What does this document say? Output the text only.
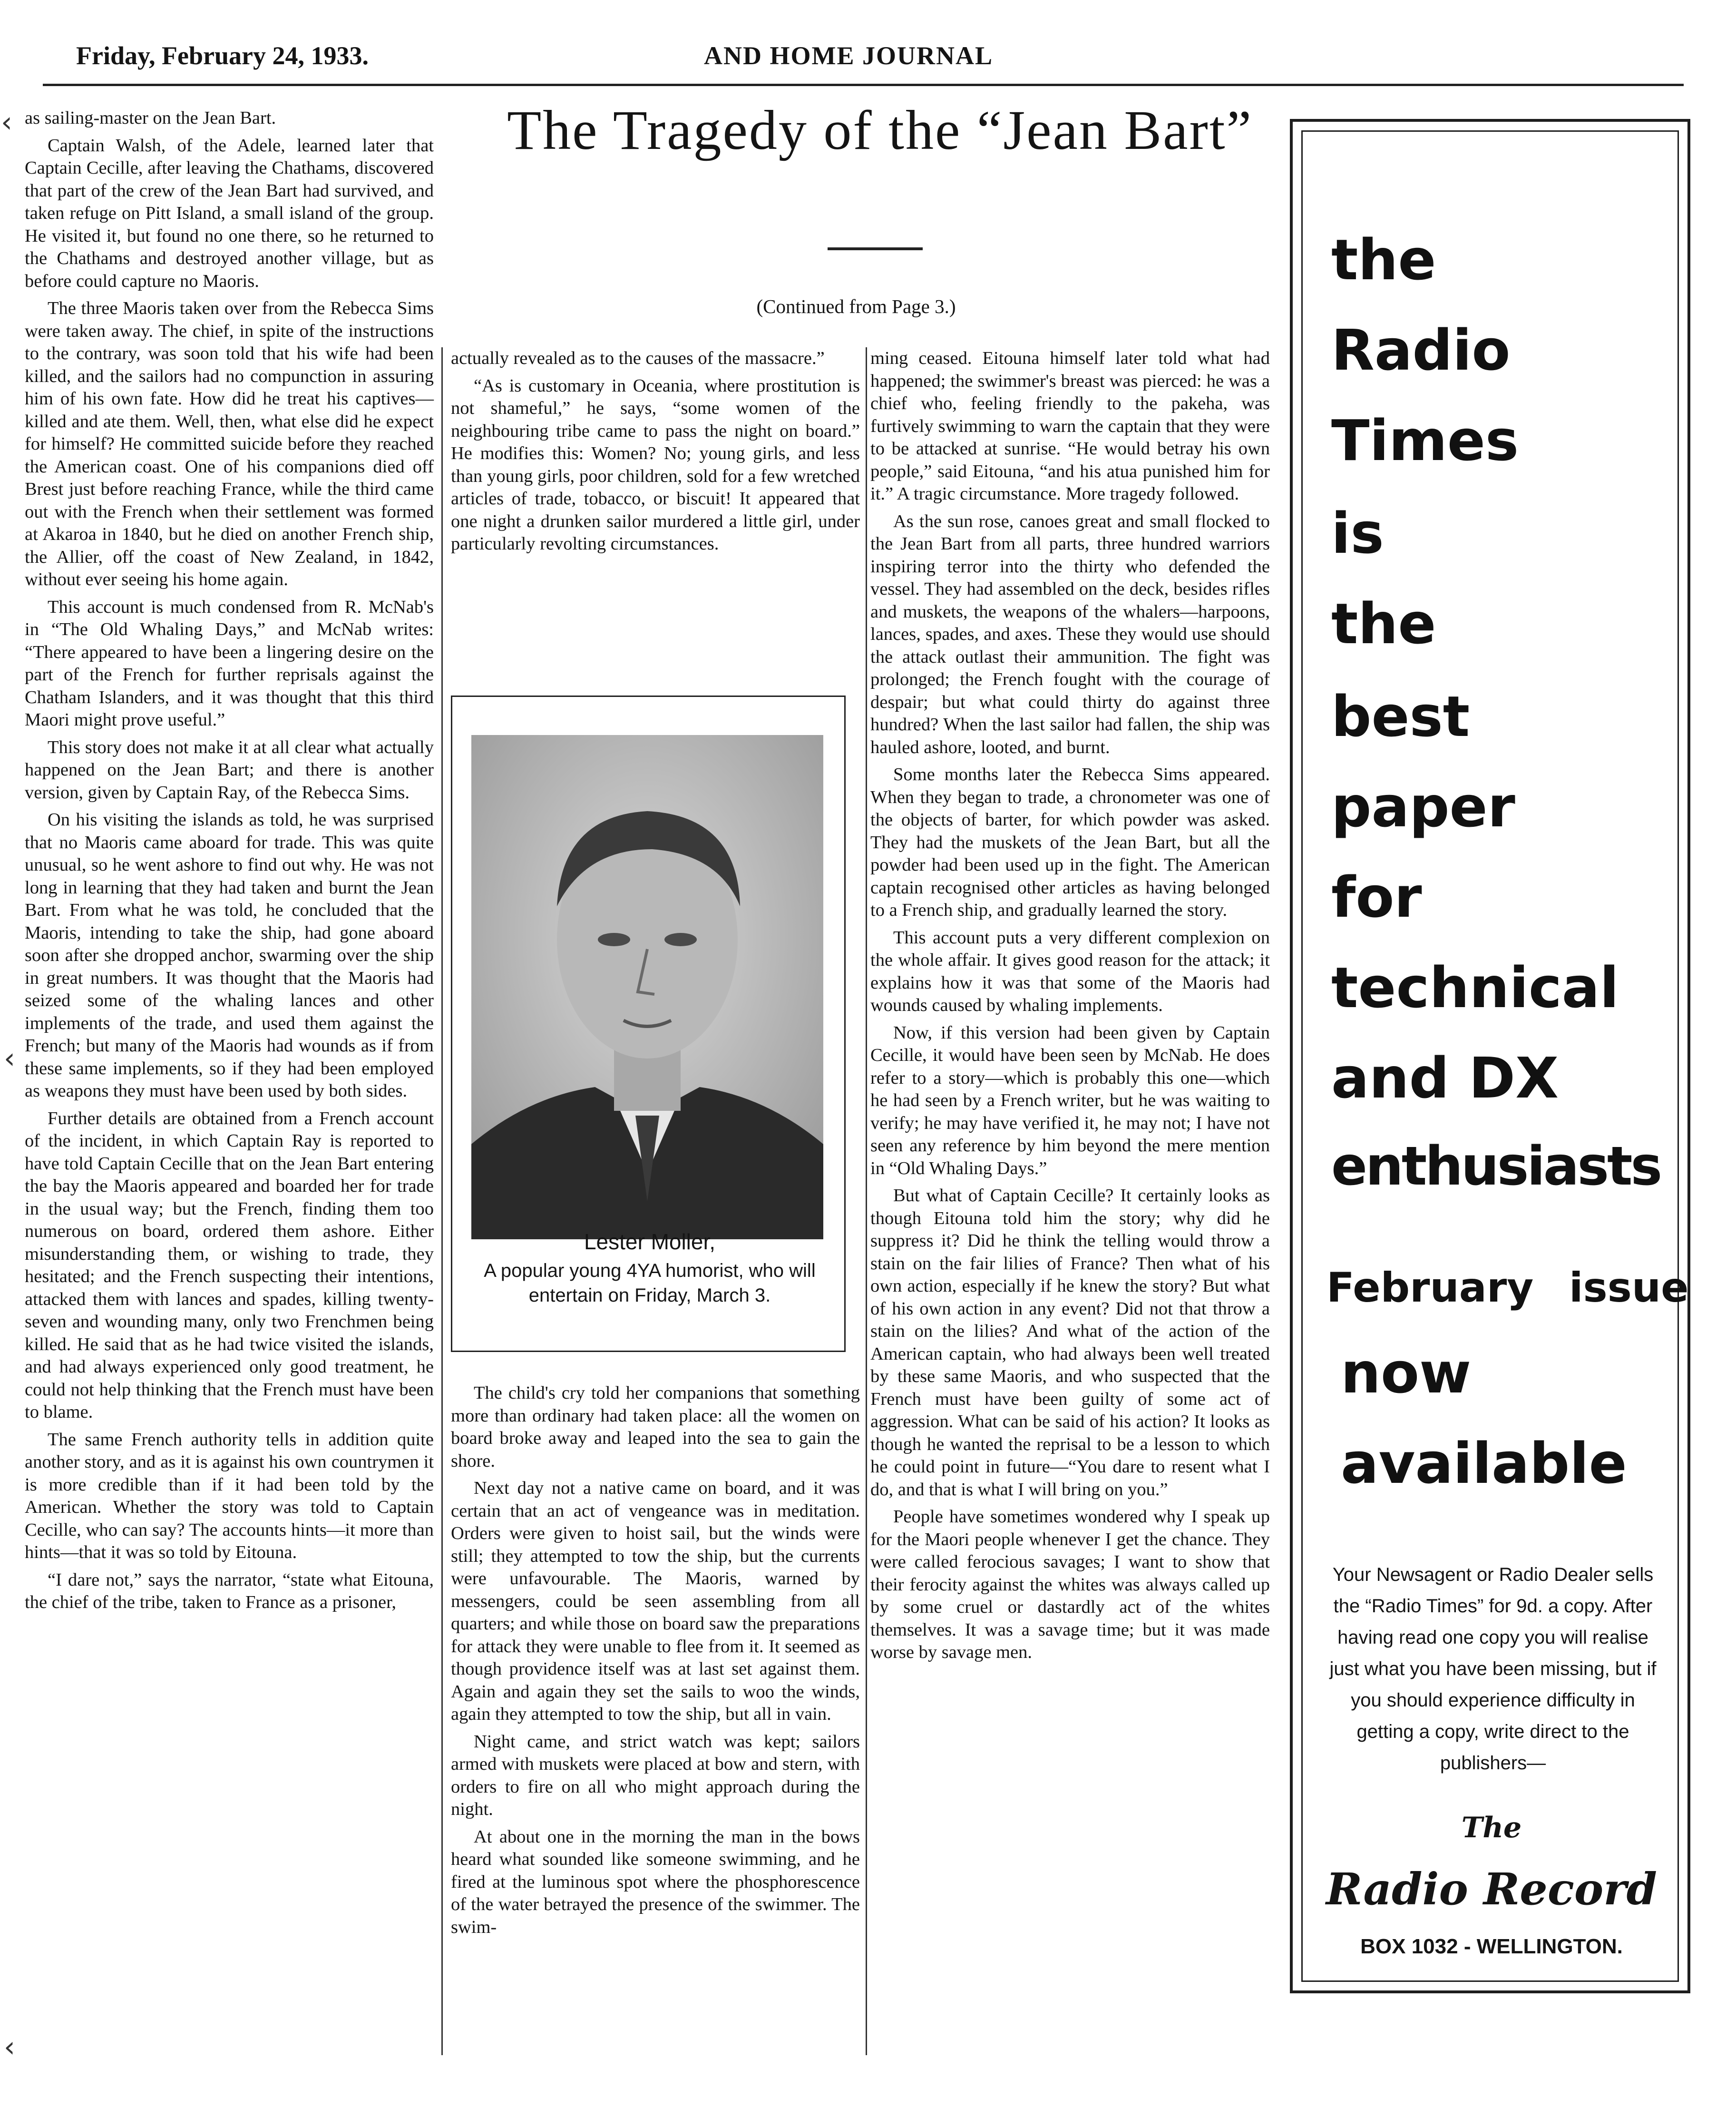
Friday, February 24, 1933.	AND HOME JOURNAL

as sailing-master on the Jean Bart.

Captain Walsh, of the Adele, learned later that Captain Cecille, after leaving the Chathams, discovered that part of the crew of the Jean Bart had survived, and taken refuge on Pitt Island, a small island of the group. He visited it, but found no one there, so he returned to the Chathams and destroyed another village, but as before could capture no Maoris.

The three Maoris taken over from the Rebecca Sims were taken away. The chief, in spite of the instructions to the contrary, was soon told that his wife had been killed, and the sailors had no compunction in assuring him of his own fate. How did he treat his captives—killed and ate them. Well, then, what else did he expect for himself? He committed suicide before they reached the American coast. One of his companions died off Brest just before reaching France, while the third came out with the French when their settlement was formed at Akaroa in 1840, but he died on another French ship, the Allier, off the coast of New Zealand, in 1842, without ever seeing his home again.

This account is much condensed from R. McNab's in “The Old Whaling Days,” and McNab writes: “There appeared to have been a lingering desire on the part of the French for further reprisals against the Chatham Islanders, and it was thought that this third Maori might prove useful.”

This story does not make it at all clear what actually happened on the Jean Bart; and there is another version, given by Captain Ray, of the Rebecca Sims.

On his visiting the islands as told, he was surprised that no Maoris came aboard for trade. This was quite unusual, so he went ashore to find out why. He was not long in learning that they had taken and burnt the Jean Bart. From what he was told, he concluded that the Maoris, intending to take the ship, had gone aboard soon after she dropped anchor, swarming over the ship in great numbers. It was thought that the Maoris had seized some of the whaling lances and other implements of the trade, and used them against the French; but many of the Maoris had wounds as if from these same implements, so if they had been employed as weapons they must have been used by both sides.

Further details are obtained from a French account of the incident, in which Captain Ray is reported to have told Captain Cecille that on the Jean Bart entering the bay the Maoris appeared and boarded her for trade in the usual way; but the French, finding them too numerous on board, ordered them ashore. Either misunderstanding them, or wishing to trade, they hesitated; and the French suspecting their intentions, attacked them with lances and spades, killing twenty-seven and wounding many, only two Frenchmen being killed. He said that as he had twice visited the islands, and had always experienced only good treatment, he could not help thinking that the French must have been to blame.

The same French authority tells in addition quite another story, and as it is against his own countrymen it is more credible than if it had been told by the American. Whether the story was told to Captain Cecille, who can say? The accounts hints—it more than hints—that it was so told by Eitouna.

“I dare not,” says the narrator, “state what Eitouna, the chief of the tribe, taken to France as a prisoner,

‹
‹
‹
The Tragedy of the “Jean Bart”
(Continued from Page 3.)

actually revealed as to the causes of the massacre.”

“As is customary in Oceania, where prostitution is not shameful,” he says, “some women of the neighbouring tribe came to pass the night on board.” He modifies this: Women? No; young girls, and less than young girls, poor children, sold for a few wretched articles of trade, tobacco, or biscuit! It appeared that one night a drunken sailor murdered a little girl, under particularly revolting circumstances.

Lester Moller,
A popular young 4YA humorist, who will entertain on Friday, March 3.

The child's cry told her companions that something more than ordinary had taken place: all the women on board broke away and leaped into the sea to gain the shore.

Next day not a native came on board, and it was certain that an act of vengeance was in meditation. Orders were given to hoist sail, but the winds were still; they attempted to tow the ship, but the currents were unfavourable. The Maoris, warned by messengers, could be seen assembling from all quarters; and while those on board saw the preparations for attack they were unable to flee from it. It seemed as though providence itself was at last set against them. Again and again they set the sails to woo the winds, again they attempted to tow the ship, but all in vain.

Night came, and strict watch was kept; sailors armed with muskets were placed at bow and stern, with orders to fire on all who might approach during the night.

At about one in the morning the man in the bows heard what sounded like someone swimming, and he fired at the luminous spot where the phosphorescence of the water betrayed the presence of the swimmer. The swim-

ming ceased. Eitouna himself later told what had happened; the swimmer's breast was pierced: he was a chief who, feeling friendly to the pakeha, was furtively swimming to warn the captain that they were to be attacked at sunrise. “He would betray his own people,” said Eitouna, “and his atua punished him for it.” A tragic circumstance. More tragedy followed.

As the sun rose, canoes great and small flocked to the Jean Bart from all parts, three hundred warriors inspiring terror into the thirty who defended the vessel. They had assembled on the deck, besides rifles and muskets, the weapons of the whalers—harpoons, lances, spades, and axes. These they would use should the attack outlast their ammunition. The fight was prolonged; the French fought with the courage of despair; but what could thirty do against three hundred? When the last sailor had fallen, the ship was hauled ashore, looted, and burnt.

Some months later the Rebecca Sims appeared. When they began to trade, a chronometer was one of the objects of barter, for which powder was asked. They had the muskets of the Jean Bart, but all the powder had been used up in the fight. The American captain recognised other articles as having belonged to a French ship, and gradually learned the story.

This account puts a very different complexion on the whole affair. It gives good reason for the attack; it explains how it was that some of the Maoris had wounds caused by whaling implements.

Now, if this version had been given by Captain Cecille, it would have been seen by McNab. He does refer to a story—which is probably this one—which he had seen by a French writer, but he was waiting to verify; he may have verified it, he may not; I have not seen any reference by him beyond the mere mention in “Old Whaling Days.”

But what of Captain Cecille? It certainly looks as though Eitouna told him the story; why did he suppress it? Did he think the telling would throw a stain on the fair lilies of France? Then what of his own action, especially if he knew the story? But what of his own action in any event? Did not that throw a stain on the lilies? And what of the action of the American captain, who had always been well treated by these same Maoris, and who suspected that the French must have been guilty of some act of aggression. What can be said of his action? It looks as though he wanted the reprisal to be a lesson to which he could point in future—“You dare to resent what I do, and that is what I will bring on you.”

People have sometimes wondered why I speak up for the Maori people whenever I get the chance. They were called ferocious savages; I want to show that their ferocity against the whites was always called up by some cruel or dastardly act of the whites themselves. It was a savage time; but it was made worse by savage men.

the
Radio
Times
is
the
best
paper
for
technical
and DX
enthusiasts
February issue
now
available
Your Newsagent or Radio Dealer sells the “Radio Times” for 9d. a copy. After having read one copy you will realise just what you have been missing, but if you should experience difficulty in getting a copy, write direct to the publishers—
The
Radio Record
BOX 1032 - WELLINGTON.
